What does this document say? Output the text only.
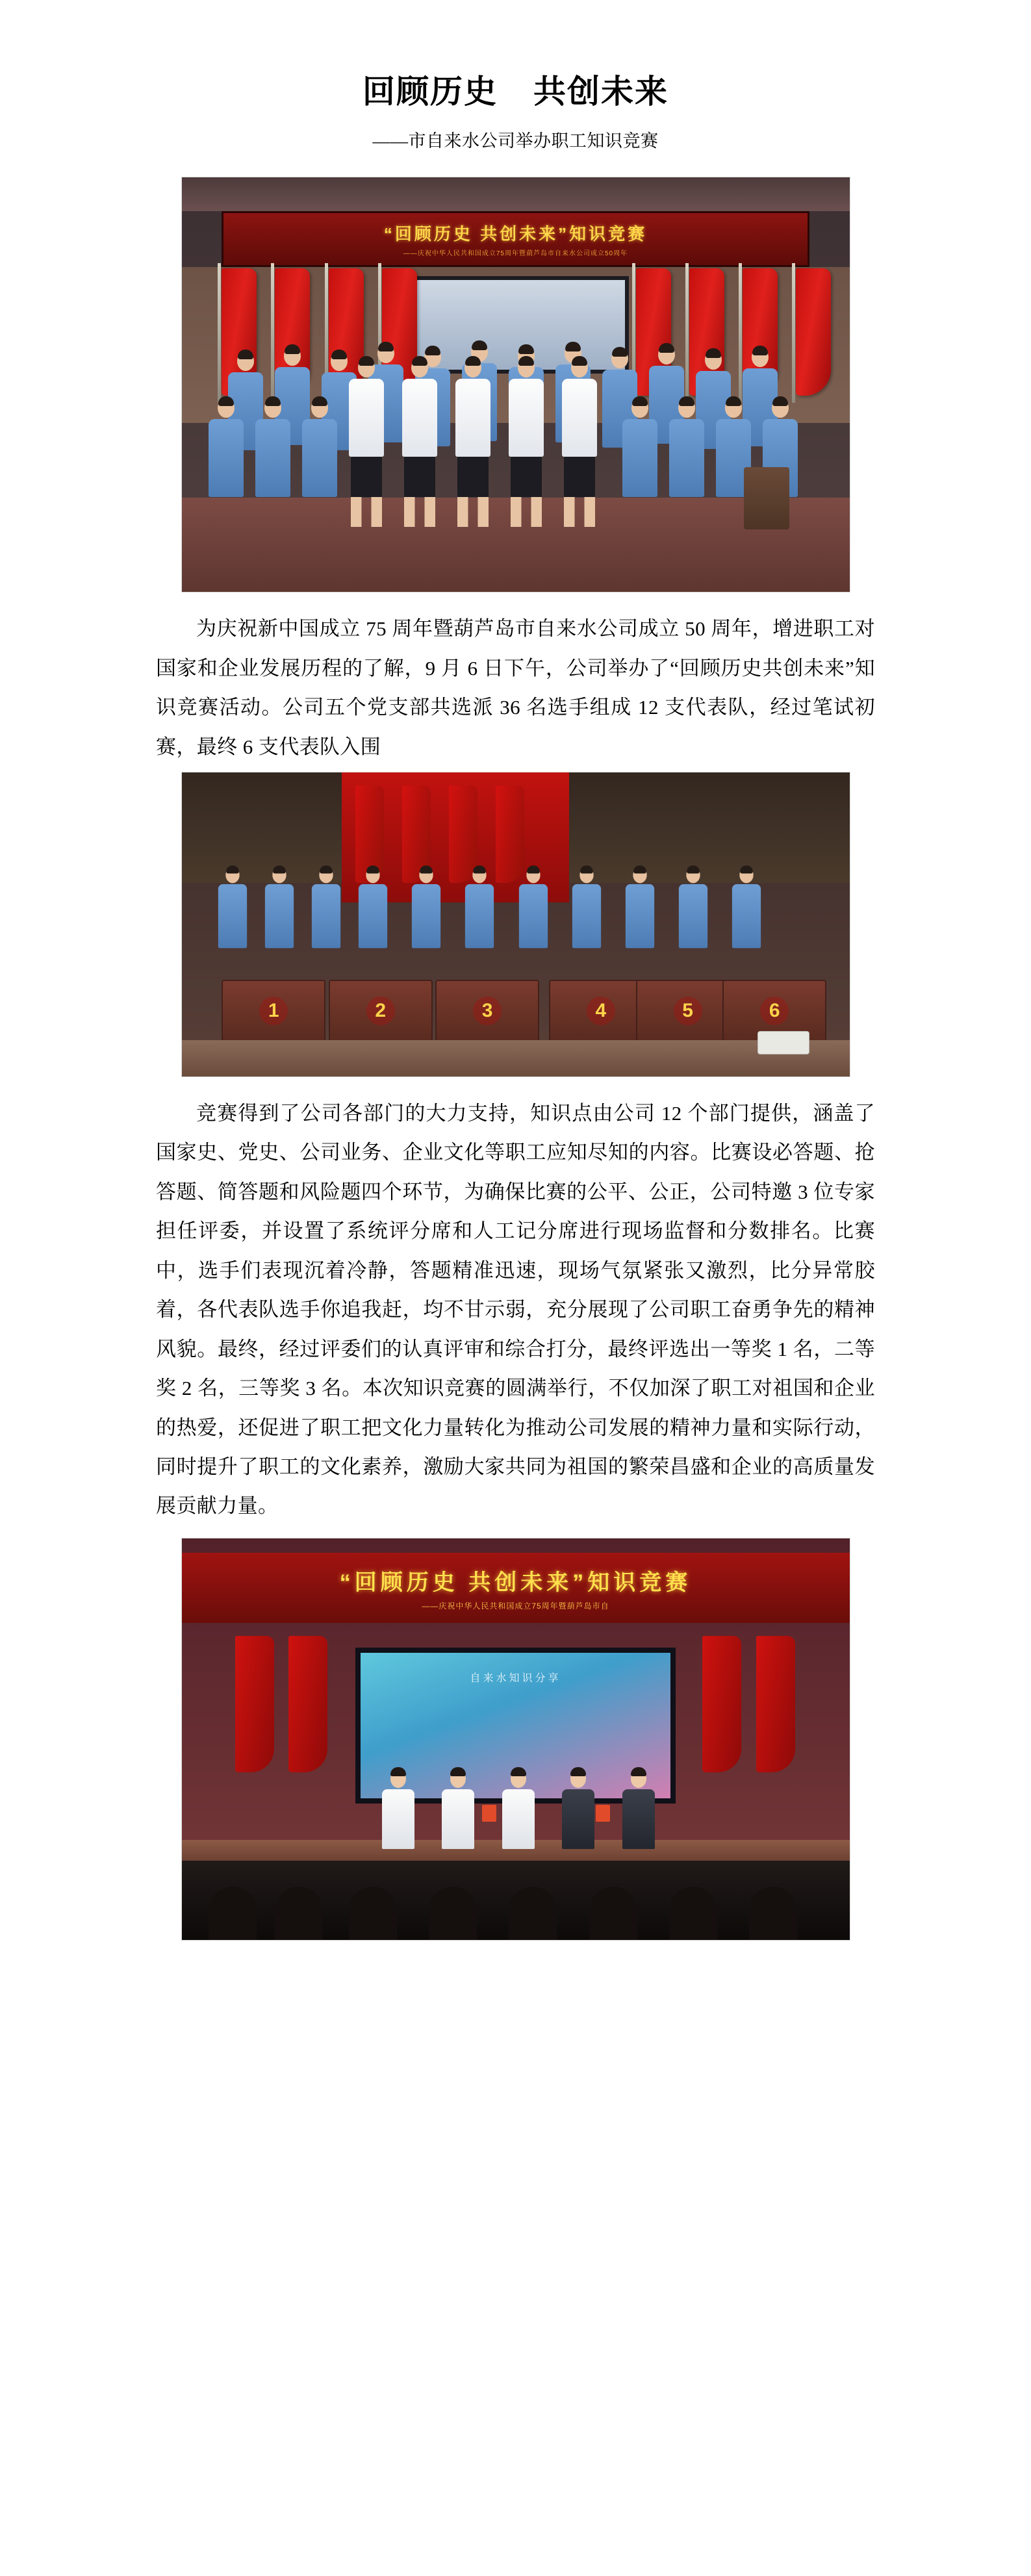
回顾历史 共创未来
——市自来水公司举办职工知识竞赛
“回顾历史 共创未来”知识竞赛
——庆祝中华人民共和国成立75周年暨葫芦岛市自来水公司成立50周年

为庆祝新中国成立 75 周年暨葫芦岛市自来水公司成立 50 周年，增进职工对国家和企业发展历程的了解，9 月 6 日下午，公司举办了“回顾历史共创未来”知识竞赛活动。公司五个党支部共选派 36 名选手组成 12 支代表队，经过笔试初赛，最终 6 支代表队入围

1	2	3	4	5	6

竞赛得到了公司各部门的大力支持，知识点由公司 12 个部门提供，涵盖了国家史、党史、公司业务、企业文化等职工应知尽知的内容。比赛设必答题、抢答题、简答题和风险题四个环节，为确保比赛的公平、公正，公司特邀 3 位专家担任评委，并设置了系统评分席和人工记分席进行现场监督和分数排名。比赛中，选手们表现沉着冷静，答题精准迅速，现场气氛紧张又激烈，比分异常胶着，各代表队选手你追我赶，均不甘示弱，充分展现了公司职工奋勇争先的精神风貌。最终，经过评委们的认真评审和综合打分，最终评选出一等奖 1 名，二等奖 2 名，三等奖 3 名。本次知识竞赛的圆满举行，不仅加深了职工对祖国和企业的热爱，还促进了职工把文化力量转化为推动公司发展的精神力量和实际行动，同时提升了职工的文化素养，激励大家共同为祖国的繁荣昌盛和企业的高质量发展贡献力量。

“回顾历史 共创未来”知识竞赛
——庆祝中华人民共和国成立75周年暨葫芦岛市自
自来水知识分享
